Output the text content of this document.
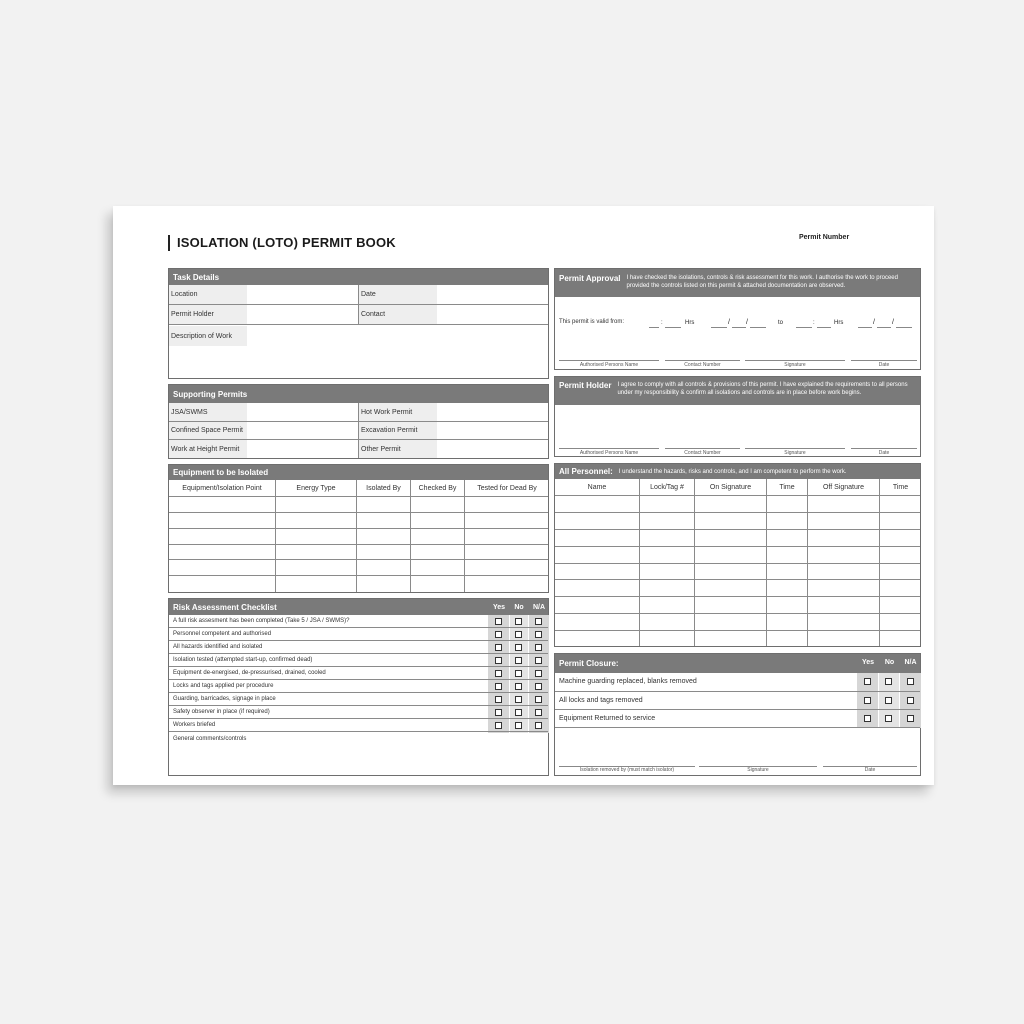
ISOLATION (LOTO) PERMIT BOOK	Permit Number
Task Details
Location	Date
Permit Holder	Contact
Description of Work
Supporting Permits
JSA/SWMS	Hot Work Permit
Confined Space Permit	Excavation Permit
Work at Height Permit	Other Permit
Equipment to be Isolated
Equipment/Isolation Point	Energy Type	Isolated By	Checked By	Tested for Dead By
Risk Assessment Checklist	Yes	No	N/A
A full risk assesment has been completed (Take 5 / JSA / SWMS)?
Personnel competent and authorised
All hazards identified and isolated
Isolation tested (attempted start-up, confirmed dead)
Equipment de-energised, de-pressurised, drained, cooled
Locks and tags applied per procedure
Guarding, barricades, signage in place
Safety observer in place (if required)
Workers briefed
General comments/controls
Permit Approval I have checked the isolations, controls & risk assessment for this work. I authorise the work to proceed provided the controls listed on this permit & attached documentation are observed.
This permit is valid from:	:	Hrs	/ /	to	:	Hrs	/ /
Authorised Persons Name	Contact Number	Signature	Date
Permit Holder I agree to comply with all controls & provisions of this permit. I have explained the requirements to all persons under my responsibility & confirm all isolations and controls are in place before work begins.
Authorised Persons Name	Contact Number	Signature	Date
All Personnel: I understand the hazards, risks and controls, and I am competent to perform the work.
Name	Lock/Tag #	On Signature	Time	Off Signature	Time
Permit Closure:	Yes	No	N/A
Machine guarding replaced, blanks removed
All locks and tags removed
Equipment Returned to service
Isolation removed by (must match isolator)	Signature	Date
